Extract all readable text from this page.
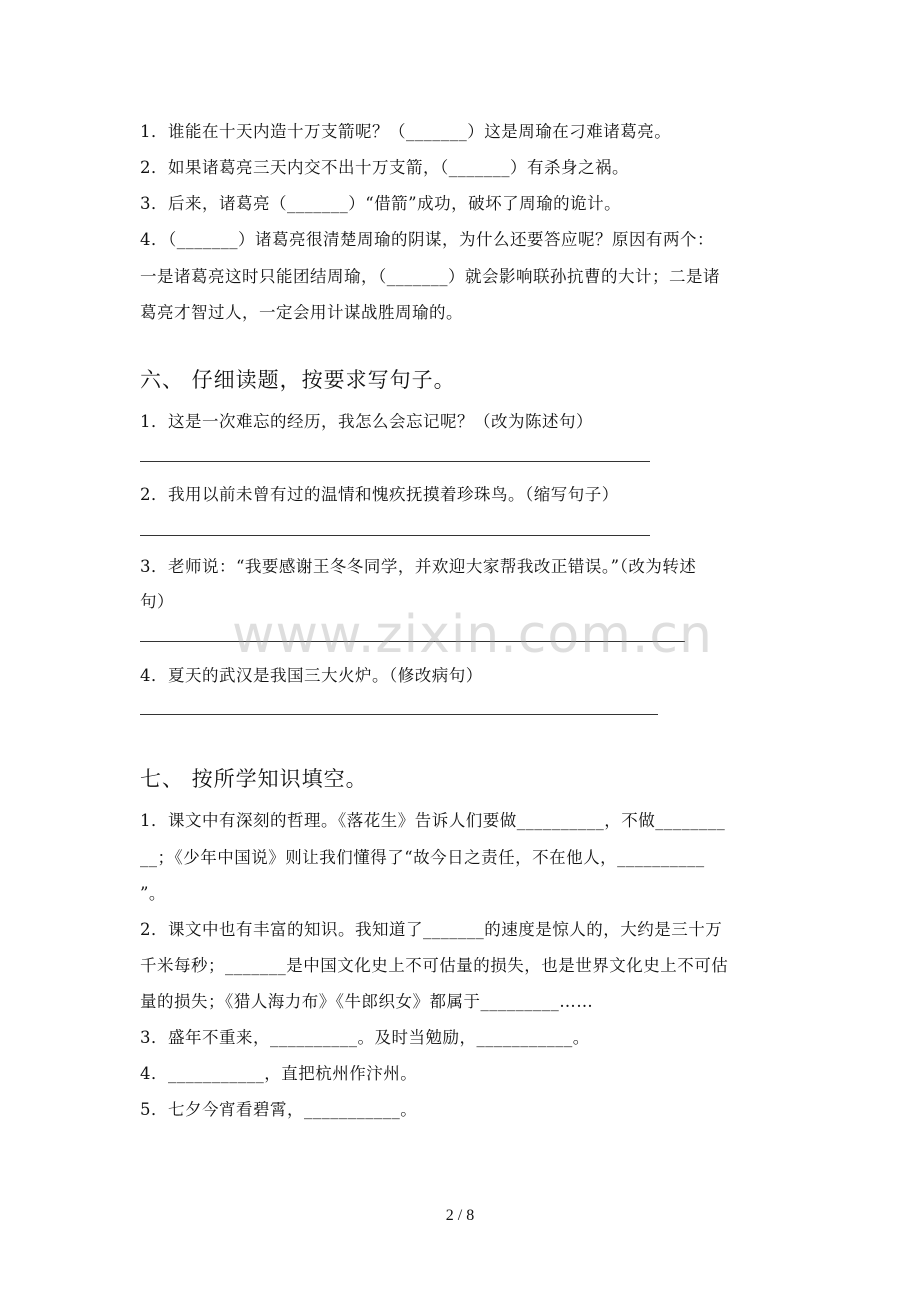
1．谁能在十天内造十万支箭呢？（_______）这是周瑜在刁难诸葛亮。
2．如果诸葛亮三天内交不出十万支箭，（_______）有杀身之祸。
3．后来，诸葛亮（_______）“借箭”成功，破坏了周瑜的诡计。
4．（_______）诸葛亮很清楚周瑜的阴谋，为什么还要答应呢？原因有两个：
一是诸葛亮这时只能团结周瑜，（_______）就会影响联孙抗曹的大计；二是诸
葛亮才智过人，一定会用计谋战胜周瑜的。
六、 仔细读题，按要求写句子。
1．这是一次难忘的经历，我怎么会忘记呢？（改为陈述句）
2．我用以前未曾有过的温情和愧疚抚摸着珍珠鸟。（缩写句子）
3．老师说：“我要感谢王冬冬同学，并欢迎大家帮我改正错误。”（改为转述
句）
4．夏天的武汉是我国三大火炉。（修改病句）
七、 按所学知识填空。
1．课文中有深刻的哲理。《落花生》告诉人们要做__________，不做________
__；《少年中国说》则让我们懂得了“故今日之责任，不在他人，__________
”。
2．课文中也有丰富的知识。我知道了_______的速度是惊人的，大约是三十万
千米每秒；_______是中国文化史上不可估量的损失，也是世界文化史上不可估
量的损失；《猎人海力布》《牛郎织女》都属于_________……
3．盛年不重来，__________。及时当勉励，___________。
4．___________，直把杭州作汴州。
5．七夕今宵看碧霄，___________。
www.zixin.com.cn
2 / 8
